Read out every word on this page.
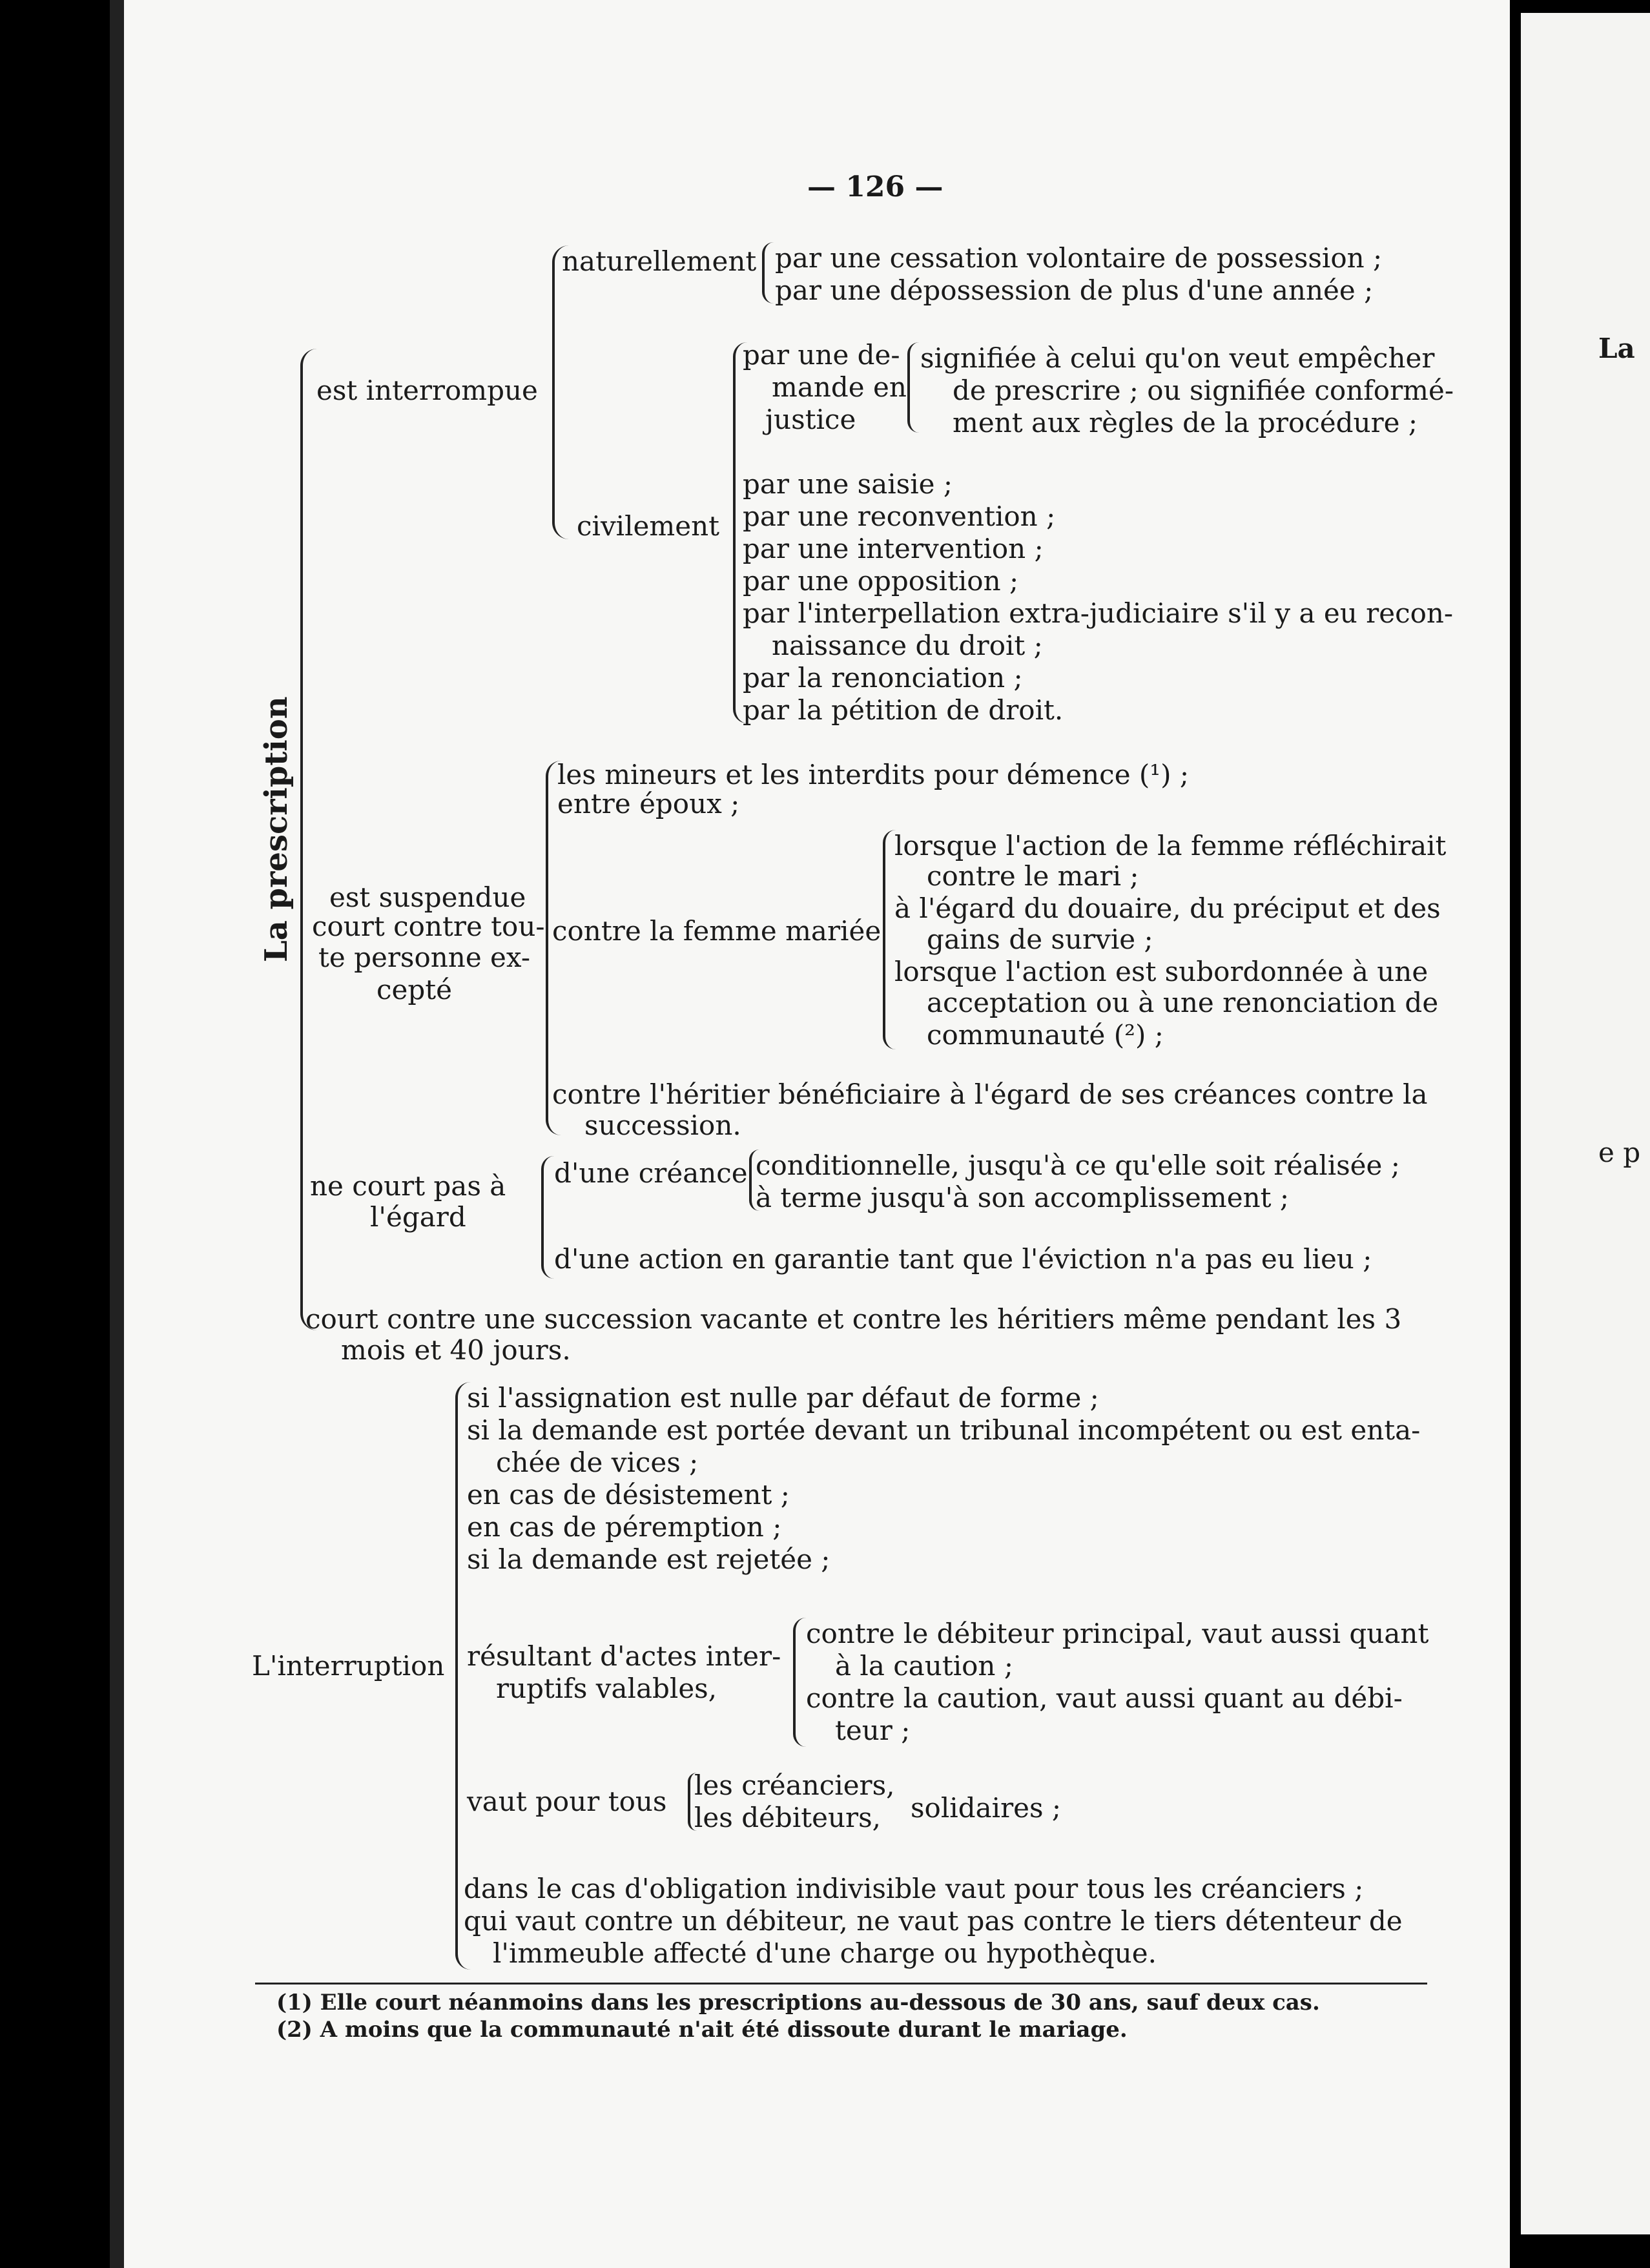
La
e p
— 126 —
La prescription
naturellement par une cessation volontaire de possession ;
par une dépossession de plus d'une année ;
est interrompue
par une de-
mande en
justice
signifiée à celui qu'on veut empêcher
de prescrire ; ou signifiée conformé-
ment aux règles de la procédure ;
par une saisie ;
civilement par une reconvention ;
par une intervention ;
par une opposition ;
par l'interpellation extra-judiciaire s'il y a eu recon-
naissance du droit ;
par la renonciation ;
par la pétition de droit.
les mineurs et les interdits pour démence (¹) ;
entre époux ;
lorsque l'action de la femme réfléchirait
contre le mari ;
est suspendue	à l'égard du douaire, du préciput et des
court contre tou- contre la femme mariée gains de survie ;
te personne ex-	lorsque l'action est subordonnée à une
cepté	acceptation ou à une renonciation de
communauté (²) ;
contre l'héritier bénéficiaire à l'égard de ses créances contre la
succession.
conditionnelle, jusqu'à ce qu'elle soit réalisée ;
ne court pas à d'une créance
à terme jusqu'à son accomplissement ;
l'égard
d'une action en garantie tant que l'éviction n'a pas eu lieu ;
court contre une succession vacante et contre les héritiers même pendant les 3
mois et 40 jours.
si l'assignation est nulle par défaut de forme ;
si la demande est portée devant un tribunal incompétent ou est enta-
chée de vices ;
en cas de désistement ;
en cas de péremption ;
si la demande est rejetée ;
contre le débiteur principal, vaut aussi quant
résultant d'actes inter- à la caution ;
L'interruption
ruptifs valables,	contre la caution, vaut aussi quant au débi-
teur ;
les créanciers,
vaut pour tous	solidaires ;
les débiteurs,
dans le cas d'obligation indivisible vaut pour tous les créanciers ;
qui vaut contre un débiteur, ne vaut pas contre le tiers détenteur de
l'immeuble affecté d'une charge ou hypothèque.
(1) Elle court néanmoins dans les prescriptions au-dessous de 30 ans, sauf deux cas.
(2) A moins que la communauté n'ait été dissoute durant le mariage.
